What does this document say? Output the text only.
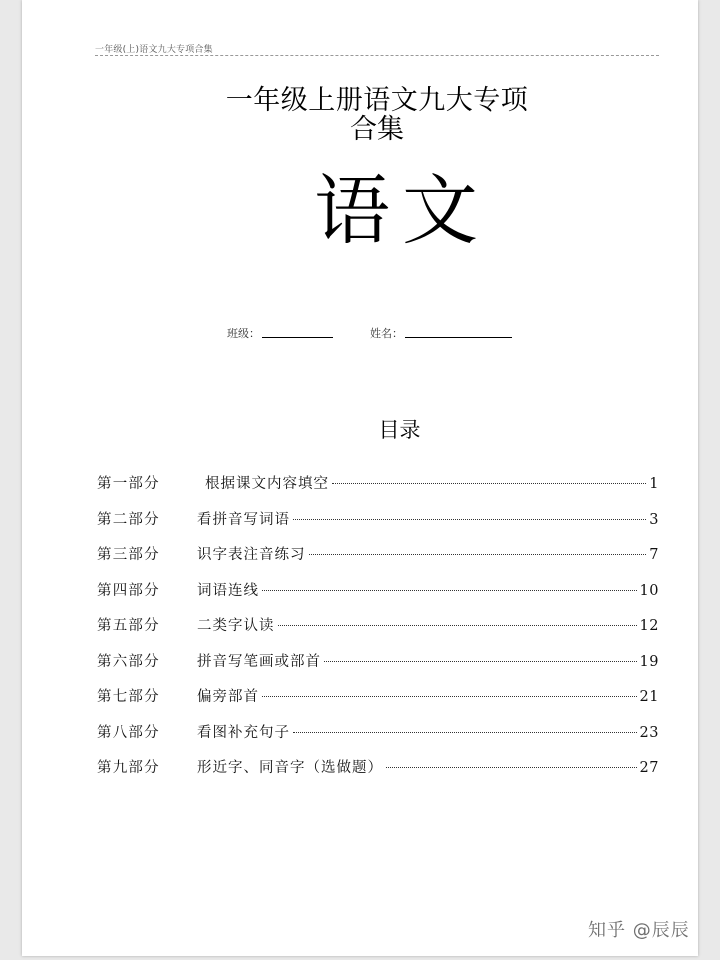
一年级(上)语文九大专项合集
一年级上册语文九大专项
合集
语文
班级：	姓名：
目录
第一部分	根据课文内容填空	1
第二部分	看拼音写词语	3
第三部分	识字表注音练习	7
第四部分	词语连线	10
第五部分	二类字认读	12
第六部分	拼音写笔画或部首	19
第七部分	偏旁部首	21
第八部分	看图补充句子	23
第九部分	形近字、同音字（选做题）	27
知乎 @辰辰
